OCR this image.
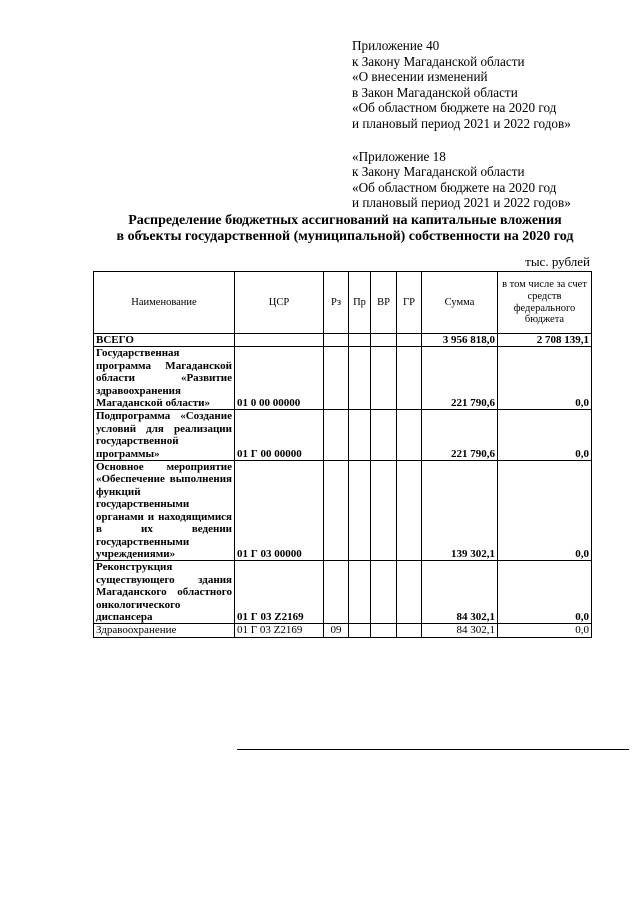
Приложение 40
к Закону Магаданской области
«О внесении изменений
в Закон Магаданской области
«Об областном бюджете на 2020 год
и плановый период 2021 и 2022 годов»
«Приложение 18
к Закону Магаданской области
«Об областном бюджете на 2020 год
и плановый период 2021 и 2022 годов»
Распределение бюджетных ассигнований на капитальные вложения
в объекты государственной (муниципальной) собственности на 2020 год
тыс. рублей
Наименование	ЦСР	Рз	Пр	ВР	ГР	Сумма	в том числе за счет средств федерального бюджета
ВСЕГО						3 956 818,0	2 708 139,1
Государственная программа Магаданской области «Развитие здравоохранения Магаданской области»	01 0 00 00000					221 790,6	0,0
Подпрограмма «Создание условий для реализации государственной программы»	01 Г 00 00000					221 790,6	0,0
Основное мероприятие «Обеспечение выполнения функций государственными органами и находящимися в их ведении государственными учреждениями»	01 Г 03 00000					139 302,1	0,0
Реконструкция существующего здания Магаданского областного онкологического диспансера	01 Г 03 Z2169					84 302,1	0,0
Здравоохранение	01 Г 03 Z2169	09				84 302,1	0,0
